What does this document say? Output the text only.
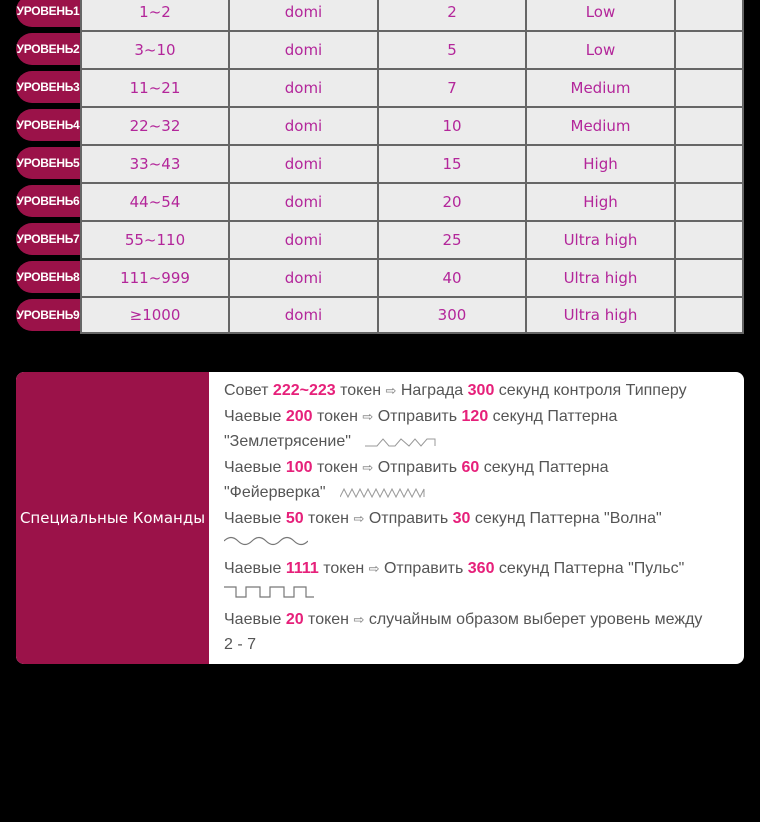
УРОВЕНЬ1	1~2	domi	2	Low
УРОВЕНЬ2	3~10	domi	5	Low
УРОВЕНЬ3	11~21	domi	7	Medium
УРОВЕНЬ4	22~32	domi	10	Medium
УРОВЕНЬ5	33~43	domi	15	High
УРОВЕНЬ6	44~54	domi	20	High
УРОВЕНЬ7	55~110	domi	25	Ultra high
УРОВЕНЬ8	111~999	domi	40	Ultra high
УРОВЕНЬ9	≥1000	domi	300	Ultra high
Специальные Команды
Совет 222~223 токен ⇨ Награда 300 секунд контроля Типперу
Чаевые 200 токен ⇨ Отправить 120 секунд Паттерна
"Землетрясение"
Чаевые 100 токен ⇨ Отправить 60 секунд Паттерна
"Фейерверка"
Чаевые 50 токен ⇨ Отправить 30 секунд Паттерна "Волна"
Чаевые 1111 токен ⇨ Отправить 360 секунд Паттерна "Пульс"
Чаевые 20 токен ⇨ случайным образом выберет уровень между
2 - 7
